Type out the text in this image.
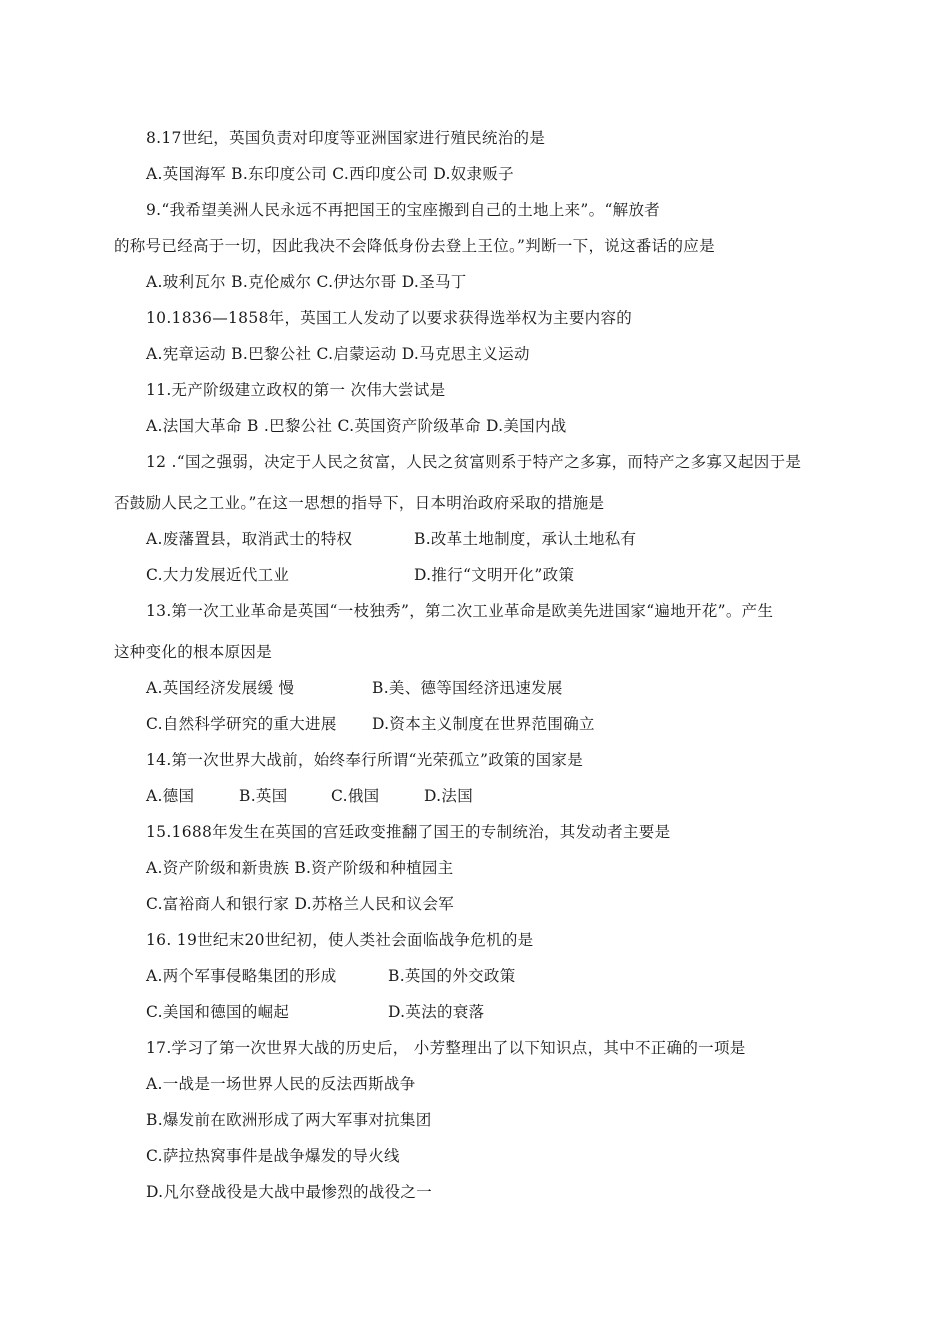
8.17世纪，英国负责对印度等亚洲国家进行殖民统治的是
A.英国海军 B.东印度公司 C.西印度公司 D.奴隶贩子
9.“我希望美洲人民永远不再把国王的宝座搬到自己的土地上来”。“解放者
的称号已经高于一切，因此我决不会降低身份去登上王位。”判断一下，说这番话的应是
A.玻利瓦尔 B.克伦威尔 C.伊达尔哥 D.圣马丁
10.1836—1858年，英国工人发动了以要求获得选举权为主要内容的
A.宪章运动 B.巴黎公社 C.启蒙运动 D.马克思主义运动
11.无产阶级建立政权的第一 次伟大尝试是
A.法国大革命 B .巴黎公社 C.英国资产阶级革命 D.美国内战
12 .“国之强弱，决定于人民之贫富，人民之贫富则系于特产之多寡，而特产之多寡又起因于是
否鼓励人民之工业。”在这一思想的指导下，日本明治政府采取的措施是
A.废藩置县，取消武士的特权	B.改革土地制度，承认土地私有
C.大力发展近代工业	D.推行“文明开化”政策
13.第一次工业革命是英国“一枝独秀”，第二次工业革命是欧美先进国家“遍地开花”。产生
这种变化的根本原因是
A.英国经济发展缓 慢	B.美、德等国经济迅速发展
C.自然科学研究的重大进展 D.资本主义制度在世界范围确立
14.第一次世界大战前，始终奉行所谓“光荣孤立”政策的国家是
A.德国	B.英国	C.俄国	D.法国
15.1688年发生在英国的宫廷政变推翻了国王的专制统治，其发动者主要是
A.资产阶级和新贵族 B.资产阶级和种植园主
C.富裕商人和银行家 D.苏格兰人民和议会军
16. 19世纪末20世纪初，使人类社会面临战争危机的是
A.两个军事侵略集团的形成	B.英国的外交政策
C.美国和德国的崛起	D.英法的衰落
17.学习了第一次世界大战的历史后， 小芳整理出了以下知识点，其中不正确的一项是
A.一战是一场世界人民的反法西斯战争
B.爆发前在欧洲形成了两大军事对抗集团
C.萨拉热窝事件是战争爆发的导火线
D.凡尔登战役是大战中最惨烈的战役之一
